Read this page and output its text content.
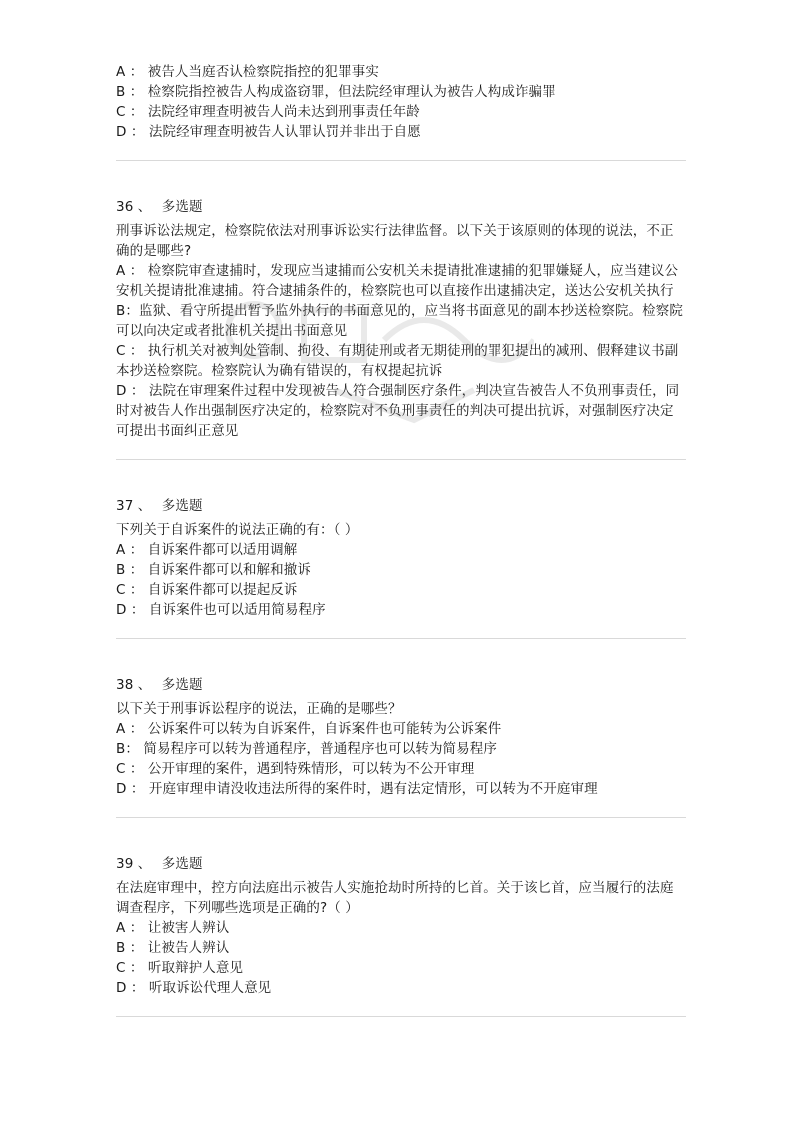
A ： 被告人当庭否认检察院指控的犯罪事实

B ： 检察院指控被告人构成盗窃罪，但法院经审理认为被告人构成诈骗罪

C ： 法院经审理查明被告人尚未达到刑事责任年龄

D ： 法院经审理查明被告人认罪认罚并非出于自愿

36 、 多选题

刑事诉讼法规定，检察院依法对刑事诉讼实行法律监督。以下关于该原则的体现的说法，不正确的是哪些?

A ： 检察院审查逮捕时，发现应当逮捕而公安机关未提请批准逮捕的犯罪嫌疑人，应当建议公安机关提请批准逮捕。符合逮捕条件的，检察院也可以直接作出逮捕决定，送达公安机关执行

B：监狱、看守所提出暂予监外执行的书面意见的，应当将书面意见的副本抄送检察院。检察院可以向决定或者批准机关提出书面意见

C ： 执行机关对被判处管制、拘役、有期徒刑或者无期徒刑的罪犯提出的减刑、假释建议书副本抄送检察院。检察院认为确有错误的，有权提起抗诉

D ： 法院在审理案件过程中发现被告人符合强制医疗条件，判决宣告被告人不负刑事责任，同时对被告人作出强制医疗决定的，检察院对不负刑事责任的判决可提出抗诉，对强制医疗决定可提出书面纠正意见

37 、 多选题

下列关于自诉案件的说法正确的有：（ ）

A ： 自诉案件都可以适用调解

B ： 自诉案件都可以和解和撤诉

C ： 自诉案件都可以提起反诉

D ： 自诉案件也可以适用简易程序

38 、 多选题

以下关于刑事诉讼程序的说法，正确的是哪些？

A ： 公诉案件可以转为自诉案件，自诉案件也可能转为公诉案件

B： 简易程序可以转为普通程序，普通程序也可以转为简易程序

C ： 公开审理的案件，遇到特殊情形，可以转为不公开审理

D ： 开庭审理申请没收违法所得的案件时，遇有法定情形，可以转为不开庭审理

39 、 多选题

在法庭审理中，控方向法庭出示被告人实施抢劫时所持的匕首。关于该匕首，应当履行的法庭调查程序，下列哪些选项是正确的?（ ）

A ： 让被害人辨认

B ： 让被告人辨认

C ： 听取辩护人意见

D ： 听取诉讼代理人意见
